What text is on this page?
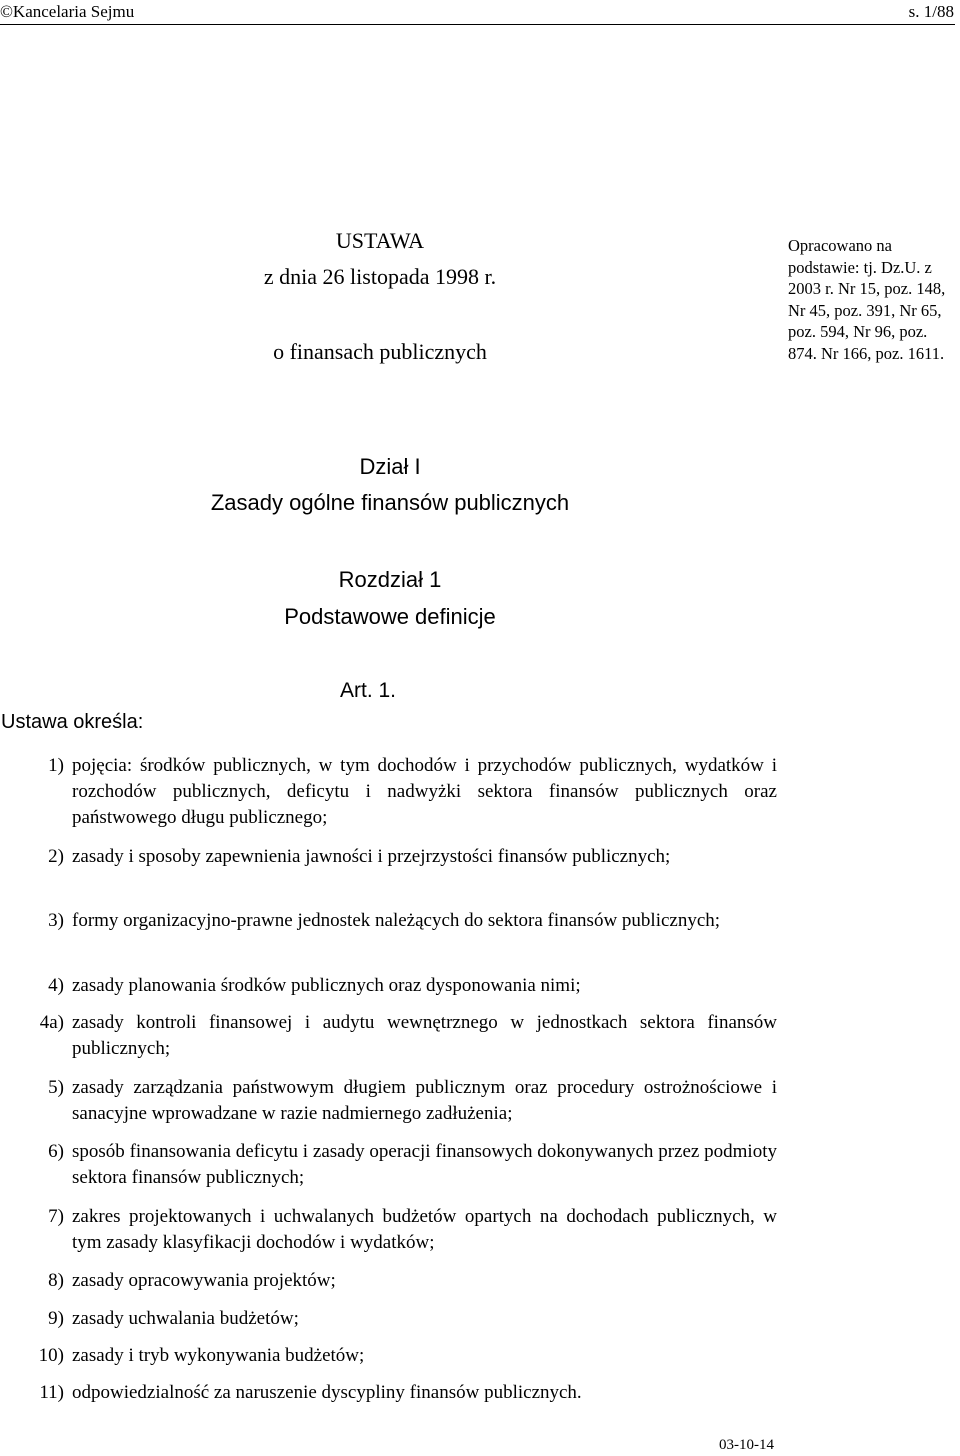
©Kancelaria Sejmu	s. 1/88
USTAWA
z dnia 26 listopada 1998 r.
o finansach publicznych
Opracowano na podstawie: tj. Dz.U. z 2003 r. Nr 15, poz. 148, Nr 45, poz. 391, Nr 65, poz. 594, Nr 96, poz. 874. Nr 166, poz. 1611.
Dział I
Zasady ogólne finansów publicznych
Rozdział 1
Podstawowe definicje
Art. 1.
Ustawa określa:
1) pojęcia: środków publicznych, w tym dochodów i przychodów publicznych, wydatków i rozchodów publicznych, deficytu i nadwyżki sektora finansów publicznych oraz państwowego długu publicznego;
2) zasady i sposoby zapewnienia jawności i przejrzystości finansów publicznych;
3) formy organizacyjno-prawne jednostek należących do sektora finansów publicznych;
4) zasady planowania środków publicznych oraz dysponowania nimi;
4a) zasady kontroli finansowej i audytu wewnętrznego w jednostkach sektora finansów publicznych;
5) zasady zarządzania państwowym długiem publicznym oraz procedury ostrożnościowe i sanacyjne wprowadzane w razie nadmiernego zadłużenia;
6) sposób finansowania deficytu i zasady operacji finansowych dokonywanych przez podmioty sektora finansów publicznych;
7) zakres projektowanych i uchwalanych budżetów opartych na dochodach publicznych, w tym zasady klasyfikacji dochodów i wydatków;
8) zasady opracowywania projektów;
9) zasady uchwalania budżetów;
10) zasady i tryb wykonywania budżetów;
11) odpowiedzialność za naruszenie dyscypliny finansów publicznych.
03-10-14
